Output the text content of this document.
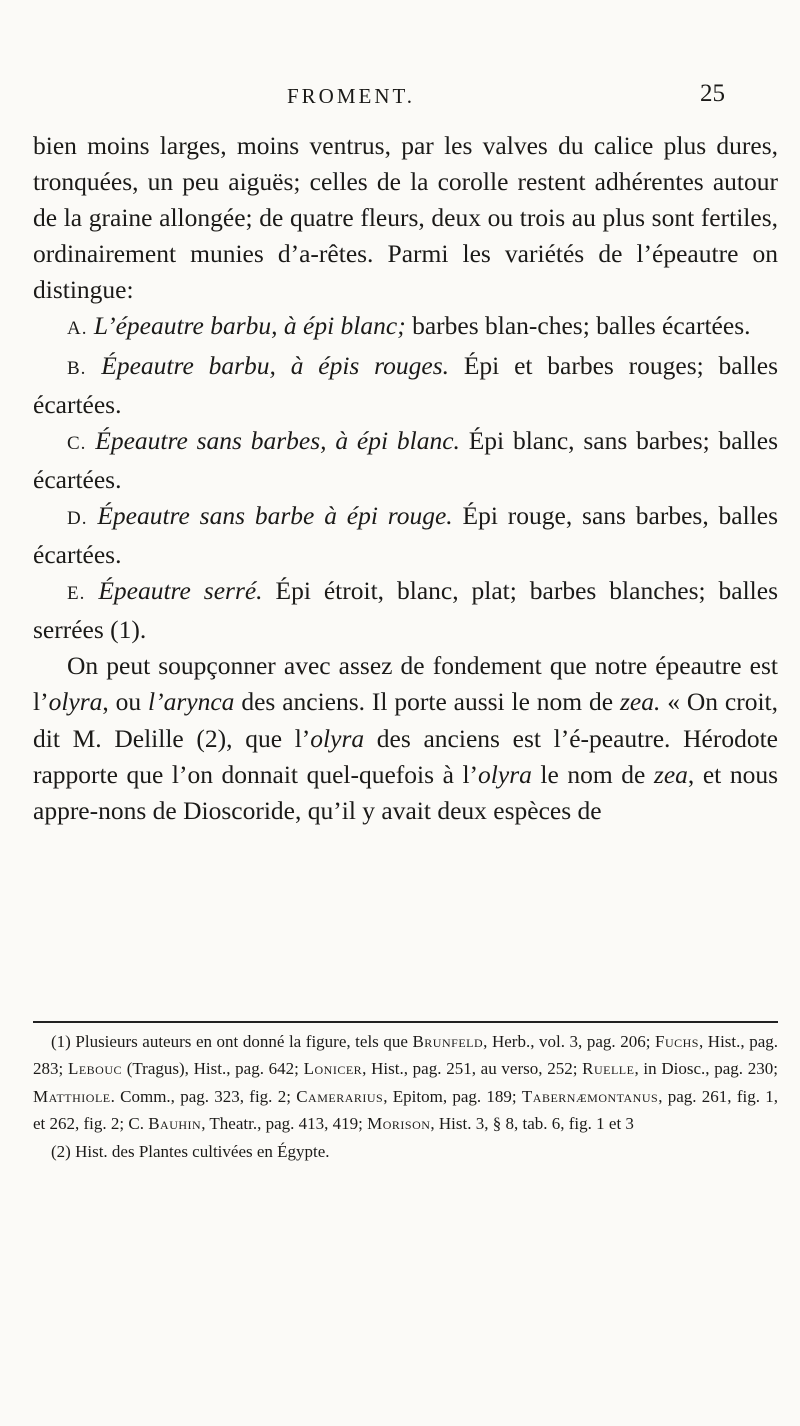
FROMENT.	25

bien moins larges, moins ventrus, par les valves du calice plus dures, tronquées, un peu aiguës; celles de la corolle restent adhérentes autour de la graine allongée; de quatre fleurs, deux ou trois au plus sont fertiles, ordinairement munies d’a-rêtes. Parmi les variétés de l’épeautre on distingue:

A. L’épeautre barbu, à épi blanc; barbes blan-ches; balles écartées.

B. Épeautre barbu, à épis rouges. Épi et barbes rouges; balles écartées.

C. Épeautre sans barbes, à épi blanc. Épi blanc, sans barbes; balles écartées.

D. Épeautre sans barbe à épi rouge. Épi rouge, sans barbes, balles écartées.

E. Épeautre serré. Épi étroit, blanc, plat; barbes blanches; balles serrées (1).

On peut soupçonner avec assez de fondement que notre épeautre est l’olyra, ou l’arynca des anciens. Il porte aussi le nom de zea. « On croit, dit M. Delille (2), que l’olyra des anciens est l’é-peautre. Hérodote rapporte que l’on donnait quel-quefois à l’olyra le nom de zea, et nous appre-nons de Dioscoride, qu’il y avait deux espèces de

(1) Plusieurs auteurs en ont donné la figure, tels que Brunfeld, Herb., vol. 3, pag. 206; Fuchs, Hist., pag. 283; Lebouc (Tragus), Hist., pag. 642; Lonicer, Hist., pag. 251, au verso, 252; Ruelle, in Diosc., pag. 230; Matthiole. Comm., pag. 323, fig. 2; Camerarius, Epitom, pag. 189; Tabernæmontanus, pag. 261, fig. 1, et 262, fig. 2; C. Bauhin, Theatr., pag. 413, 419; Morison, Hist. 3, § 8, tab. 6, fig. 1 et 3

(2) Hist. des Plantes cultivées en Égypte.
